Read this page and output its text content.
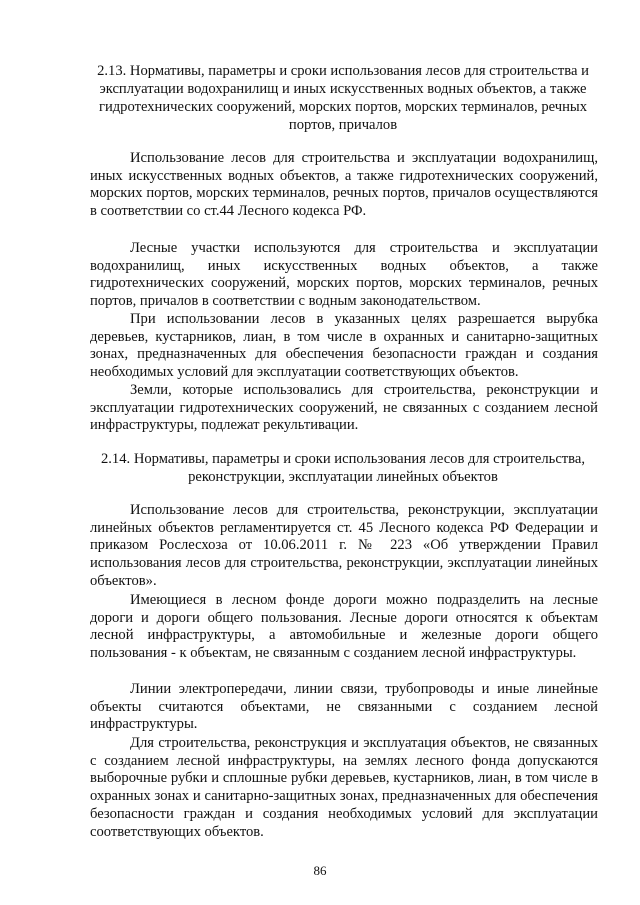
2.13. Нормативы, параметры и сроки использования лесов для строительства и эксплуатации водохранилищ и иных искусственных водных объектов, а также гидротехнических сооружений, морских портов, морских терминалов, речных портов, причалов

Использование лесов для строительства и эксплуатации водохранилищ, иных искусственных водных объектов, а также гидротехнических сооружений, морских портов, морских терминалов, речных портов, причалов осуществляются в соответствии со ст.44 Лесного кодекса РФ.

Лесные участки используются для строительства и эксплуатации водохранилищ, иных искусственных водных объектов, а также гидротехнических сооружений, морских портов, морских терминалов, речных портов, причалов в соответствии с водным законодательством.

При использовании лесов в указанных целях разрешается вырубка деревьев, кустарников, лиан, в том числе в охранных и санитарно-защитных зонах, предназначенных для обеспечения безопасности граждан и создания необходимых условий для эксплуатации соответствующих объектов.

Земли, которые использовались для строительства, реконструкции и эксплуатации гидротехнических сооружений, не связанных с созданием лесной инфраструктуры, подлежат рекультивации.

2.14. Нормативы, параметры и сроки использования лесов для строительства, реконструкции, эксплуатации линейных объектов

Использование лесов для строительства, реконструкции, эксплуатации линейных объектов регламентируется ст. 45 Лесного кодекса РФ Федерации и приказом Рослесхоза от 10.06.2011 г. № 223 «Об утверждении Правил использования лесов для строительства, реконструкции, эксплуатации линейных объектов».

Имеющиеся в лесном фонде дороги можно подразделить на лесные дороги и дороги общего пользования. Лесные дороги относятся к объектам лесной инфраструктуры, а автомобильные и железные дороги общего пользования - к объектам, не связанным с созданием лесной инфраструктуры.

Линии электропередачи, линии связи, трубопроводы и иные линейные объекты считаются объектами, не связанными с созданием лесной инфраструктуры.

Для строительства, реконструкция и эксплуатация объектов, не связанных с созданием лесной инфраструктуры, на землях лесного фонда допускаются выборочные рубки и сплошные рубки деревьев, кустарников, лиан, в том числе в охранных зонах и санитарно-защитных зонах, предназначенных для обеспечения безопасности граждан и создания необходимых условий для эксплуатации соответствующих объектов.

86
